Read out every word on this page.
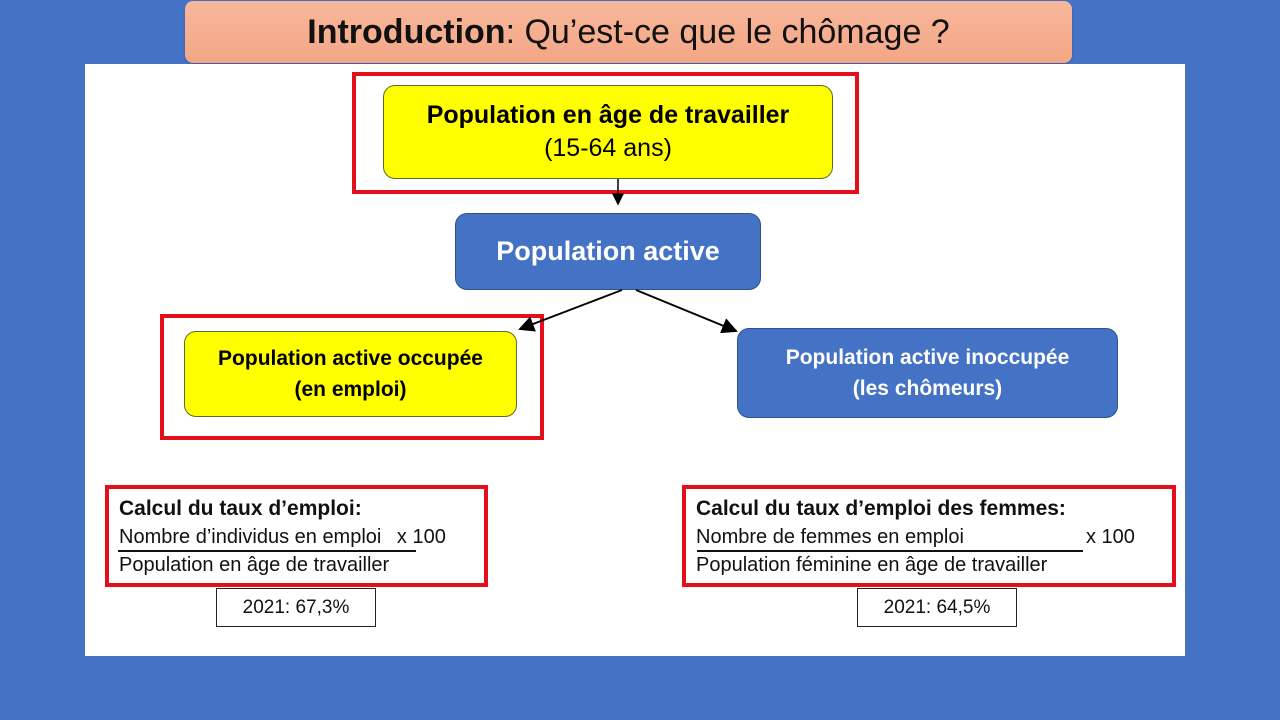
Introduction : Qu’est-ce que le chômage ?
Population en âge de travailler
(15-64 ans)
Population active
Population active occupée
(en emploi)
Population active inoccupée
(les chômeurs)
Calcul du taux d’emploi:
Nombre d’individus en emploi x 100
Population en âge de travailler
2021: 67,3%
Calcul du taux d’emploi des femmes:
Nombre de femmes en emploi	x 100
Population féminine en âge de travailler
2021: 64,5%
